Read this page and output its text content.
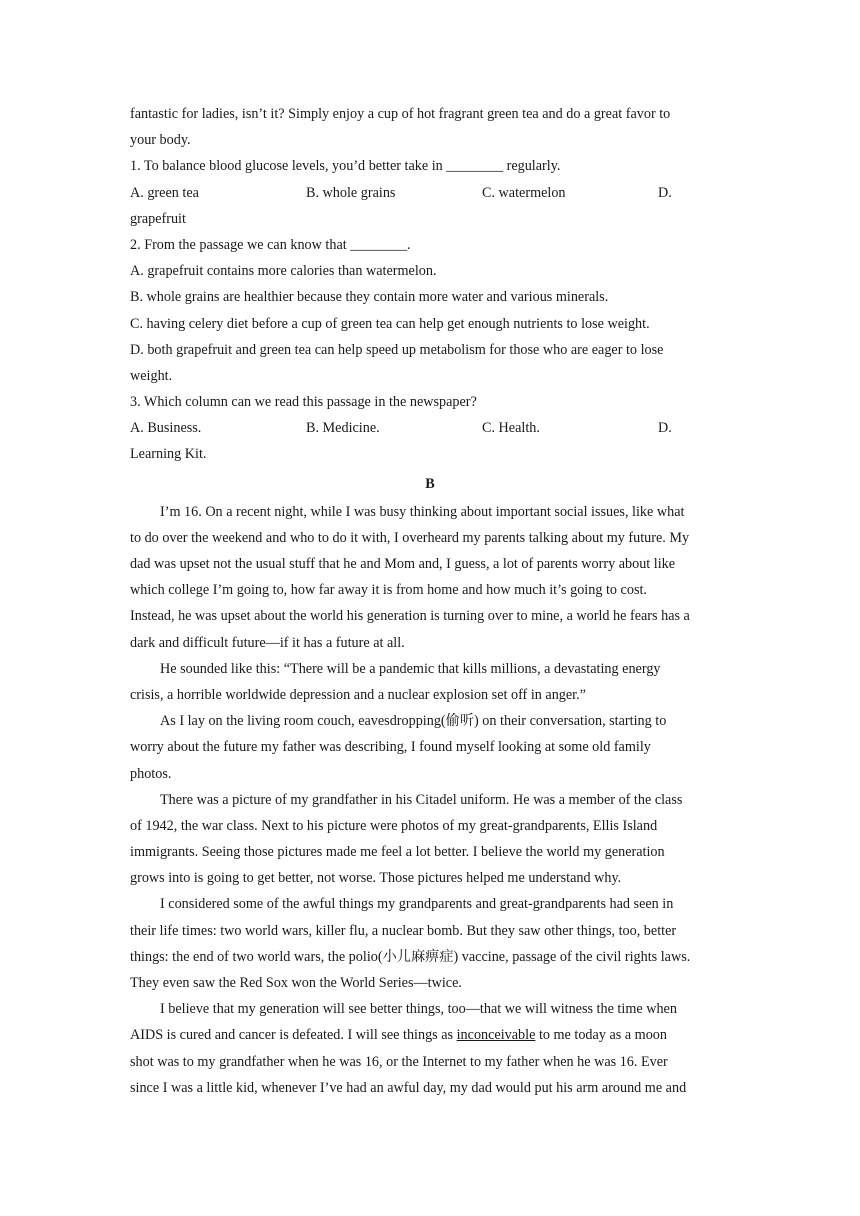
fantastic for ladies, isn’t it? Simply enjoy a cup of hot fragrant green tea and do a great favor to
your body.
1. To balance blood glucose levels, you’d better take in ________ regularly.
A. green tea	B. whole grains	C. watermelon	D.
grapefruit
2. From the passage we can know that ________.
A. grapefruit contains more calories than watermelon.
B. whole grains are healthier because they contain more water and various minerals.
C. having celery diet before a cup of green tea can help get enough nutrients to lose weight.
D. both grapefruit and green tea can help speed up metabolism for those who are eager to lose
weight.
3. Which column can we read this passage in the newspaper?
A. Business.	B. Medicine.	C. Health.	D.
Learning Kit.
B
I’m 16. On a recent night, while I was busy thinking about important social issues, like what
to do over the weekend and who to do it with, I overheard my parents talking about my future. My
dad was upset not the usual stuff that he and Mom and, I guess, a lot of parents worry about like
which college I’m going to, how far away it is from home and how much it’s going to cost.
Instead, he was upset about the world his generation is turning over to mine, a world he fears has a
dark and difficult future—if it has a future at all.
He sounded like this: “There will be a pandemic that kills millions, a devastating energy
crisis, a horrible worldwide depression and a nuclear explosion set off in anger.”
As I lay on the living room couch, eavesdropping(偷听) on their conversation, starting to
worry about the future my father was describing, I found myself looking at some old family
photos.
There was a picture of my grandfather in his Citadel uniform. He was a member of the class
of 1942, the war class. Next to his picture were photos of my great-grandparents, Ellis Island
immigrants. Seeing those pictures made me feel a lot better. I believe the world my generation
grows into is going to get better, not worse. Those pictures helped me understand why.
I considered some of the awful things my grandparents and great-grandparents had seen in
their life times: two world wars, killer flu, a nuclear bomb. But they saw other things, too, better
things: the end of two world wars, the polio(小儿麻痹症) vaccine, passage of the civil rights laws.
They even saw the Red Sox won the World Series—twice.
I believe that my generation will see better things, too—that we will witness the time when
AIDS is cured and cancer is defeated. I will see things as inconceivable to me today as a moon
shot was to my grandfather when he was 16, or the Internet to my father when he was 16. Ever
since I was a little kid, whenever I’ve had an awful day, my dad would put his arm around me and
